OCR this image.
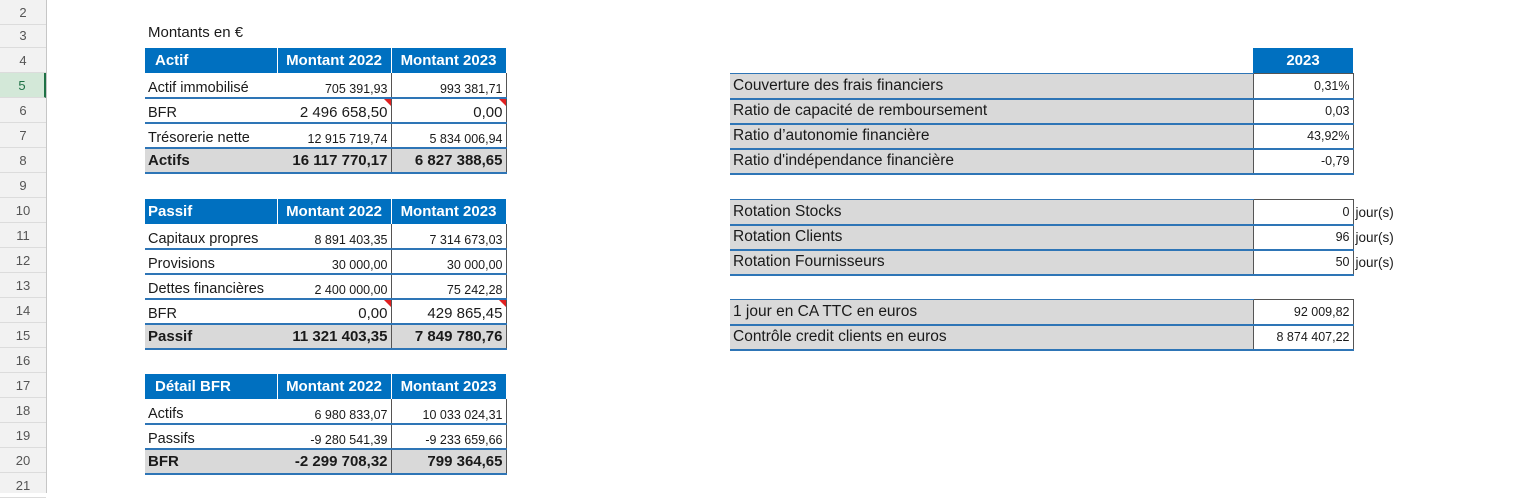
2
3
4
5
6
7
8
9
10
11
12
13
14
15
16
17
18
19
20
21
Montants en €
Actif	Montant 2022	Montant 2023
Actif immobilisé	705 391,93	993 381,71
BFR	2 496 658,50	0,00
Trésorerie nette	12 915 719,74	5 834 006,94
Actifs	16 117 770,17	6 827 388,65
Passif	Montant 2022	Montant 2023
Capitaux propres	8 891 403,35	7 314 673,03
Provisions	30 000,00	30 000,00
Dettes financières	2 400 000,00	75 242,28
BFR	0,00	429 865,45
Passif	11 321 403,35	7 849 780,76
Détail BFR	Montant 2022	Montant 2023
Actifs	6 980 833,07	10 033 024,31
Passifs	-9 280 541,39	-9 233 659,66
BFR	-2 299 708,32	799 364,65
2023
Couverture des frais financiers	0,31%
Ratio de capacité de remboursement	0,03
Ratio d’autonomie financière	43,92%
Ratio d'indépendance financière	-0,79
Rotation Stocks	0	jour(s)
Rotation Clients	96	jour(s)
Rotation Fournisseurs	50	jour(s)
1 jour en CA TTC en euros	92 009,82
Contrôle credit clients en euros	8 874 407,22
